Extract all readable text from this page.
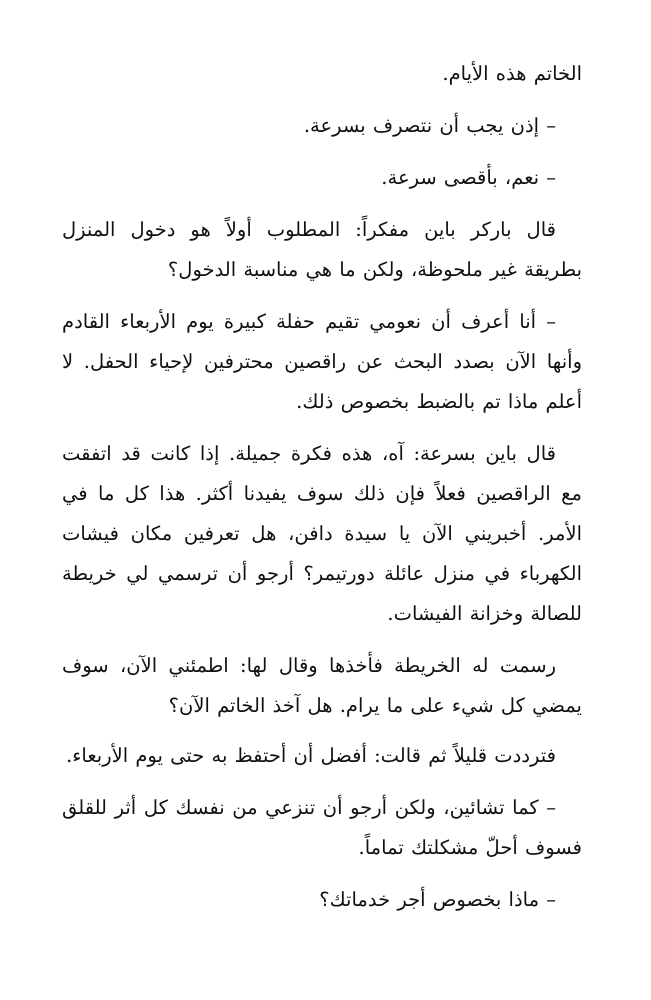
الخاتم هذه الأيام.

– إذن يجب أن نتصرف بسرعة.

– نعم، بأقصى سرعة.

قال باركر باين مفكراً: المطلوب أولاً هو دخول المنزل بطريقة غير ملحوظة، ولكن ما هي مناسبة الدخول؟

– أنا أعرف أن نعومي تقيم حفلة كبيرة يوم الأربعاء القادم وأنها الآن بصدد البحث عن راقصين محترفين لإحياء الحفل. لا أعلم ماذا تم بالضبط بخصوص ذلك.

قال باين بسرعة: آه، هذه فكرة جميلة. إذا كانت قد اتفقت مع الراقصين فعلاً فإن ذلك سوف يفيدنا أكثر. هذا كل ما في الأمر. أخبريني الآن يا سيدة دافن، هل تعرفين مكان فيشات الكهرباء في منزل عائلة دورتيمر؟ أرجو أن ترسمي لي خريطة للصالة وخزانة الفيشات.

رسمت له الخريطة فأخذها وقال لها: اطمئني الآن، سوف يمضي كل شيء على ما يرام. هل آخذ الخاتم الآن؟

فترددت قليلاً ثم قالت: أفضل أن أحتفظ به حتى يوم الأربعاء.

– كما تشائين، ولكن أرجو أن تنزعي من نفسك كل أثر للقلق فسوف أحلّ مشكلتك تماماً.

– ماذا بخصوص أجر خدماتك؟
